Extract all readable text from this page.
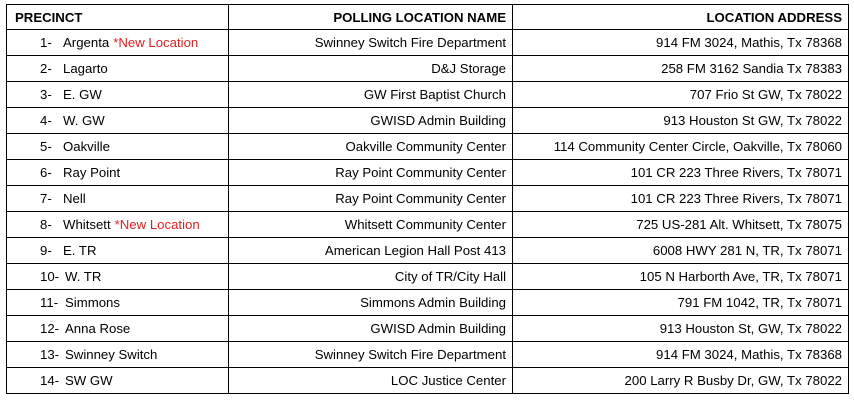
PRECINCT	POLLING LOCATION NAME	LOCATION ADDRESS
1- Argenta *New Location	Swinney Switch Fire Department	914 FM 3024, Mathis, Tx 78368
2- Lagarto	D&J Storage	258 FM 3162 Sandia Tx 78383
3- E. GW	GW First Baptist Church	707 Frio St GW, Tx 78022
4- W. GW	GWISD Admin Building	913 Houston St GW, Tx 78022
5- Oakville	Oakville Community Center	114 Community Center Circle, Oakville, Tx 78060
6- Ray Point	Ray Point Community Center	101 CR 223 Three Rivers, Tx 78071
7- Nell	Ray Point Community Center	101 CR 223 Three Rivers, Tx 78071
8- Whitsett *New Location	Whitsett Community Center	725 US-281 Alt. Whitsett, Tx 78075
9- E. TR	American Legion Hall Post 413	6008 HWY 281 N, TR, Tx 78071
10- W. TR	City of TR/City Hall	105 N Harborth Ave, TR, Tx 78071
11- Simmons	Simmons Admin Building	791 FM 1042, TR, Tx 78071
12- Anna Rose	GWISD Admin Building	913 Houston St, GW, Tx 78022
13- Swinney Switch	Swinney Switch Fire Department	914 FM 3024, Mathis, Tx 78368
14- SW GW	LOC Justice Center	200 Larry R Busby Dr, GW, Tx 78022
